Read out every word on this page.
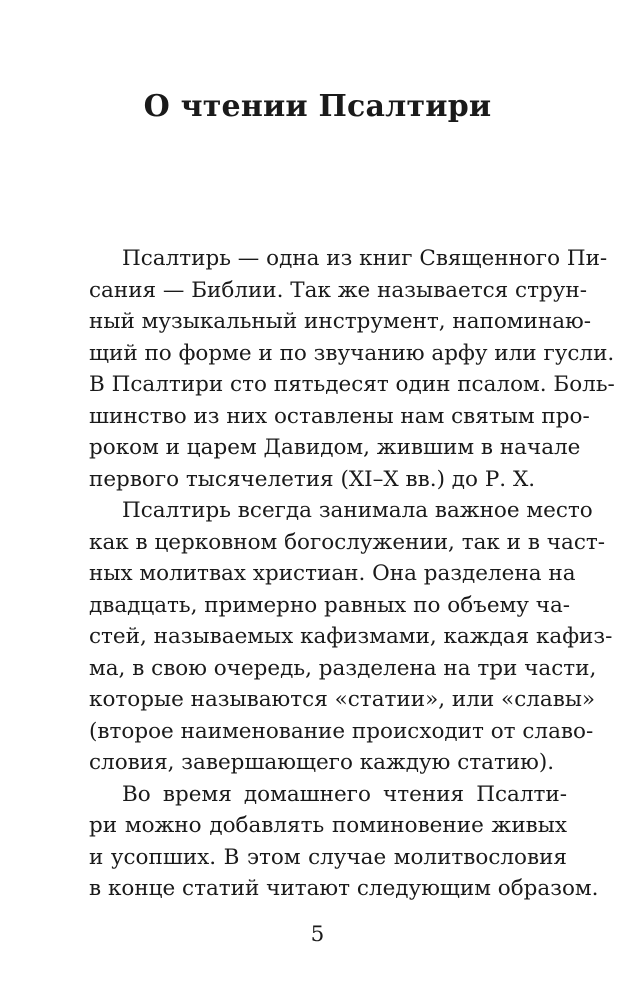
О чтении Псалтири
Псалтирь — одна из книг Священного Пи-
сания — Библии. Так же называется струн-
ный музыкальный инструмент, напоминаю-
щий по форме и по звучанию арфу или гусли.
В Псалтири сто пятьдесят один псалом. Боль-
шинство из них оставлены нам святым про-
роком и царем Давидом, жившим в начале
первого тысячелетия (XI–X вв.) до Р. Х.
Псалтирь всегда занимала важное место
как в церковном богослужении, так и в част-
ных молитвах христиан. Она разделена на
двадцать, примерно равных по объему ча-
стей, называемых кафизмами, каждая кафиз-
ма, в свою очередь, разделена на три части,
которые называются «статии», или «славы»
(второе наименование происходит от славо-
словия, завершающего каждую статию).
Во время домашнего чтения Псалти-
ри можно добавлять поминовение живых
и усопших. В этом случае молитвословия
в конце статий читают следующим образом.
5
